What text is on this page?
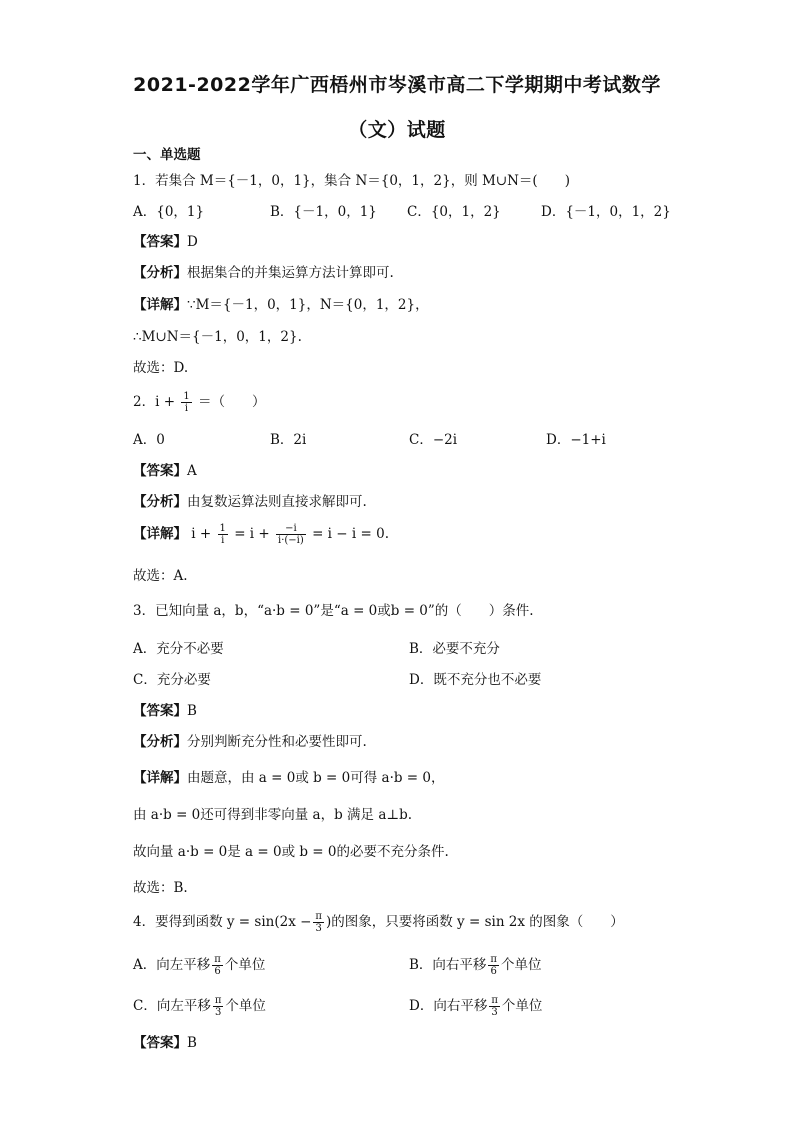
2021-2022学年广西梧州市岑溪市高二下学期期中考试数学
（文）试题
一、单选题
1．若集合 M＝{－1，0，1}，集合 N＝{0，1，2}，则 M∪N＝(　　)
A．{0，1}	B．{－1，0，1} C．{0，1，2}	D．{－1，0，1，2}
【答案】D
【分析】根据集合的并集运算方法计算即可.
【详解】∵M＝{－1，0，1}，N＝{0，1，2}，
∴M∪N＝{－1，0，1，2}.
故选：D.
2．$i + \frac{1}{i}$ ＝（　　）
A．0	B．2i	C．−2i	D．−1+i
【答案】A
【分析】由复数运算法则直接求解即可.
【详解】 $i + \frac{1}{i} = i + \frac{-i}{i\cdot(-i)} = i - i = 0$.
故选：A.
3．已知向量 a，b，“a·b = 0”是“a = 0或b = 0”的（　　）条件.
A．充分不必要	B．必要不充分
C．充分必要	D．既不充分也不必要
【答案】B
【分析】分别判断充分性和必要性即可.
【详解】由题意，由 a = 0或 b = 0可得 a·b = 0，
由 a·b = 0还可得到非零向量 a，b 满足 a⊥b.
故向量 a·b = 0是 a = 0或 b = 0的必要不充分条件.
故选：B.
4．要得到函数 $y = \sin(2x - \frac{\pi}{3}$ )的图象，只要将函数 y = sin 2x 的图象（　　）
A．向左平移 $\frac{\pi}{6}$ 个单位	B．向右平移 $\frac{\pi}{6}$ 个单位
C．向左平移 $\frac{\pi}{3}$ 个单位	D．向右平移 $\frac{\pi}{3}$ 个单位
【答案】B
